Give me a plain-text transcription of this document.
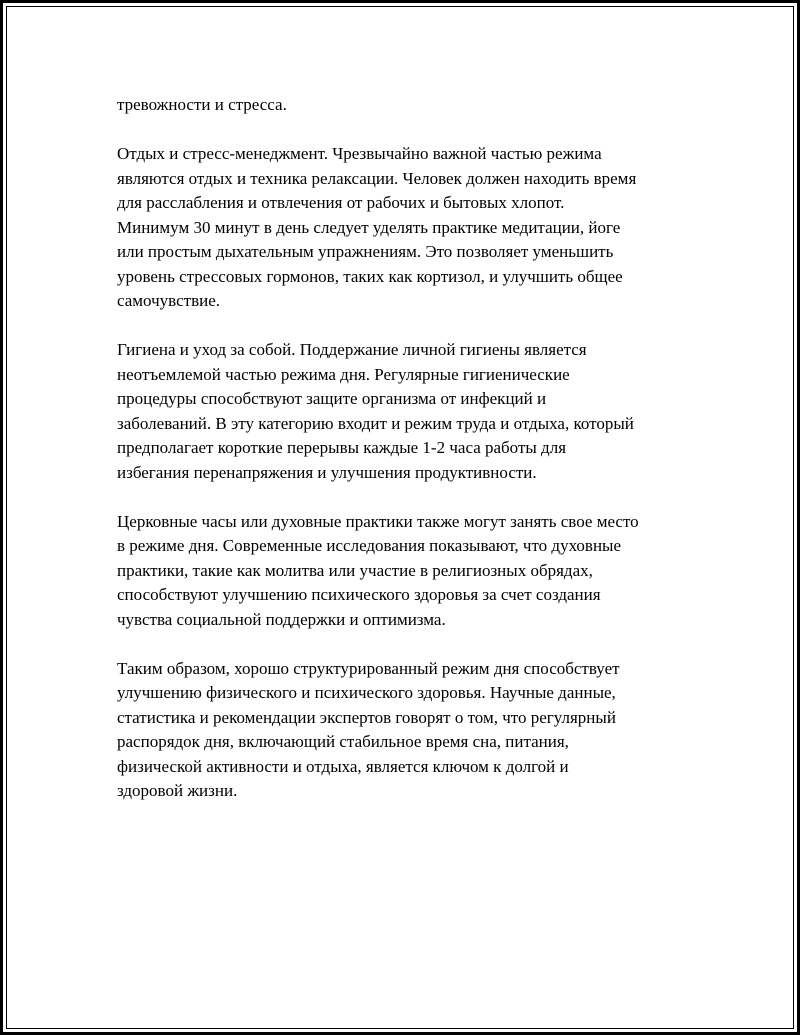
тревожности и стресса.

Отдых и стресс-менеджмент. Чрезвычайно важной частью режима
являются отдых и техника релаксации. Человек должен находить время
для расслабления и отвлечения от рабочих и бытовых хлопот.
Минимум 30 минут в день следует уделять практике медитации, йоге
или простым дыхательным упражнениям. Это позволяет уменьшить
уровень стрессовых гормонов, таких как кортизол, и улучшить общее
самочувствие.

Гигиена и уход за собой. Поддержание личной гигиены является
неотъемлемой частью режима дня. Регулярные гигиенические
процедуры способствуют защите организма от инфекций и
заболеваний. В эту категорию входит и режим труда и отдыха, который
предполагает короткие перерывы каждые 1-2 часа работы для
избегания перенапряжения и улучшения продуктивности.

Церковные часы или духовные практики также могут занять свое место
в режиме дня. Современные исследования показывают, что духовные
практики, такие как молитва или участие в религиозных обрядах,
способствуют улучшению психического здоровья за счет создания
чувства социальной поддержки и оптимизма.

Таким образом, хорошо структурированный режим дня способствует
улучшению физического и психического здоровья. Научные данные,
статистика и рекомендации экспертов говорят о том, что регулярный
распорядок дня, включающий стабильное время сна, питания,
физической активности и отдыха, является ключом к долгой и
здоровой жизни.
